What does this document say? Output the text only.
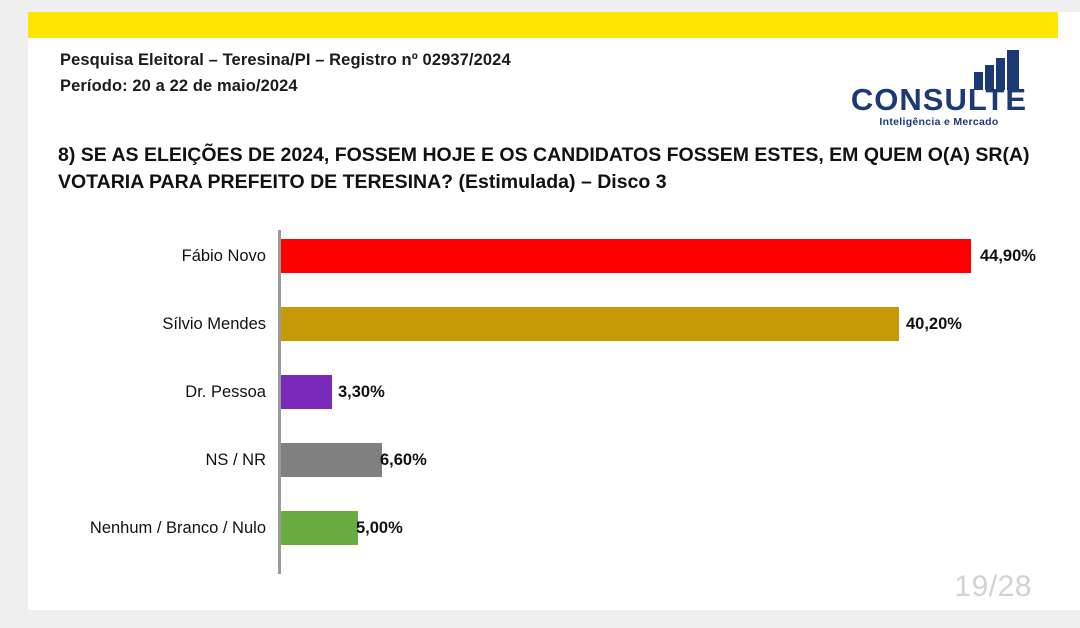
Pesquisa Eleitoral – Teresina/PI – Registro nº 02937/2024
Período: 20 a 22 de maio/2024	CONSULTE
Inteligência e Mercado
8) SE AS ELEIÇÕES DE 2024, FOSSEM HOJE E OS CANDIDATOS FOSSEM ESTES, EM QUEM O(A) SR(A) VOTARIA PARA PREFEITO DE TERESINA? (Estimulada) – Disco 3
Fábio Novo	44,90%
Sílvio Mendes	40,20%
Dr. Pessoa	3,30%
NS / NR	6,60%
Nenhum / Branco / Nulo	5,00%
19/28
